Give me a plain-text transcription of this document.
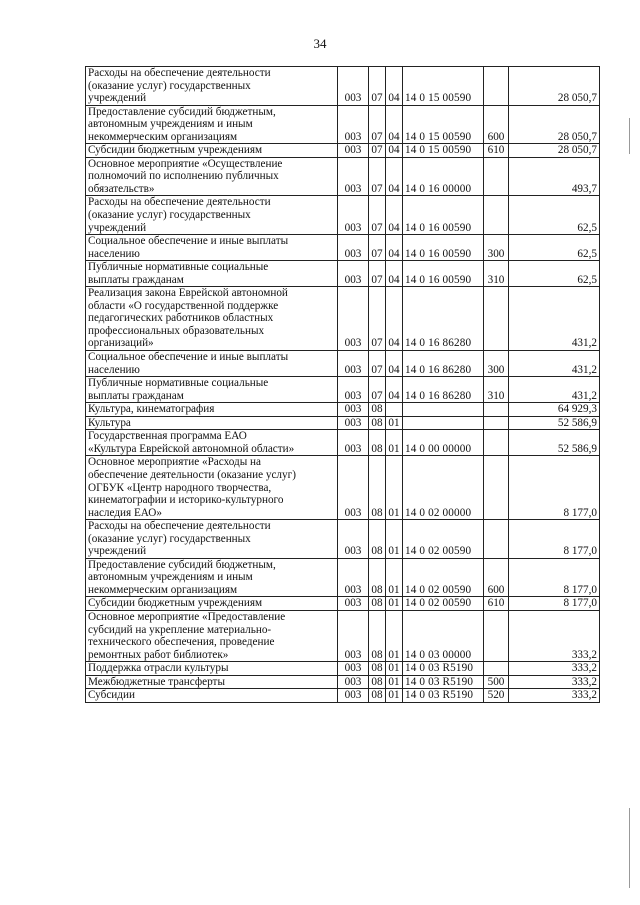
34
Расходы на обеспечение деятельности
(оказание услуг) государственных
учреждений	003	07	04	14 0 15 00590		28 050,7

Предоставление субсидий бюджетным,
автономным учреждениям и иным
некоммерческим организациям	003	07	04	14 0 15 00590	600	28 050,7

Субсидии бюджетным учреждениям	003	07	04	14 0 15 00590	610	28 050,7

Основное мероприятие «Осуществление
полномочий по исполнению публичных
обязательств»	003	07	04	14 0 16 00000		493,7

Расходы на обеспечение деятельности
(оказание услуг) государственных
учреждений	003	07	04	14 0 16 00590		62,5

Социальное обеспечение и иные выплаты
населению	003	07	04	14 0 16 00590	300	62,5

Публичные нормативные социальные
выплаты гражданам	003	07	04	14 0 16 00590	310	62,5

Реализация закона Еврейской автономной
области «О государственной поддержке
педагогических работников областных
профессиональных образовательных
организаций»	003	07	04	14 0 16 86280		431,2

Социальное обеспечение и иные выплаты
населению	003	07	04	14 0 16 86280	300	431,2

Публичные нормативные социальные
выплаты гражданам	003	07	04	14 0 16 86280	310	431,2

Культура, кинематография	003	08				64 929,3

Культура	003	08	01			52 586,9

Государственная программа ЕАО
«Культура Еврейской автономной области»	003	08	01	14 0 00 00000		52 586,9

Основное мероприятие «Расходы на
обеспечение деятельности (оказание услуг)
ОГБУК «Центр народного творчества,
кинематографии и историко-культурного
наследия ЕАО»	003	08	01	14 0 02 00000		8 177,0

Расходы на обеспечение деятельности
(оказание услуг) государственных
учреждений	003	08	01	14 0 02 00590		8 177,0

Предоставление субсидий бюджетным,
автономным учреждениям и иным
некоммерческим организациям	003	08	01	14 0 02 00590	600	8 177,0

Субсидии бюджетным учреждениям	003	08	01	14 0 02 00590	610	8 177,0

Основное мероприятие «Предоставление
субсидий на укрепление материально-
технического обеспечения, проведение
ремонтных работ библиотек»	003	08	01	14 0 03 00000		333,2

Поддержка отрасли культуры	003	08	01	14 0 03 R5190		333,2

Межбюджетные трансферты	003	08	01	14 0 03 R5190	500	333,2

Субсидии	003	08	01	14 0 03 R5190	520	333,2
